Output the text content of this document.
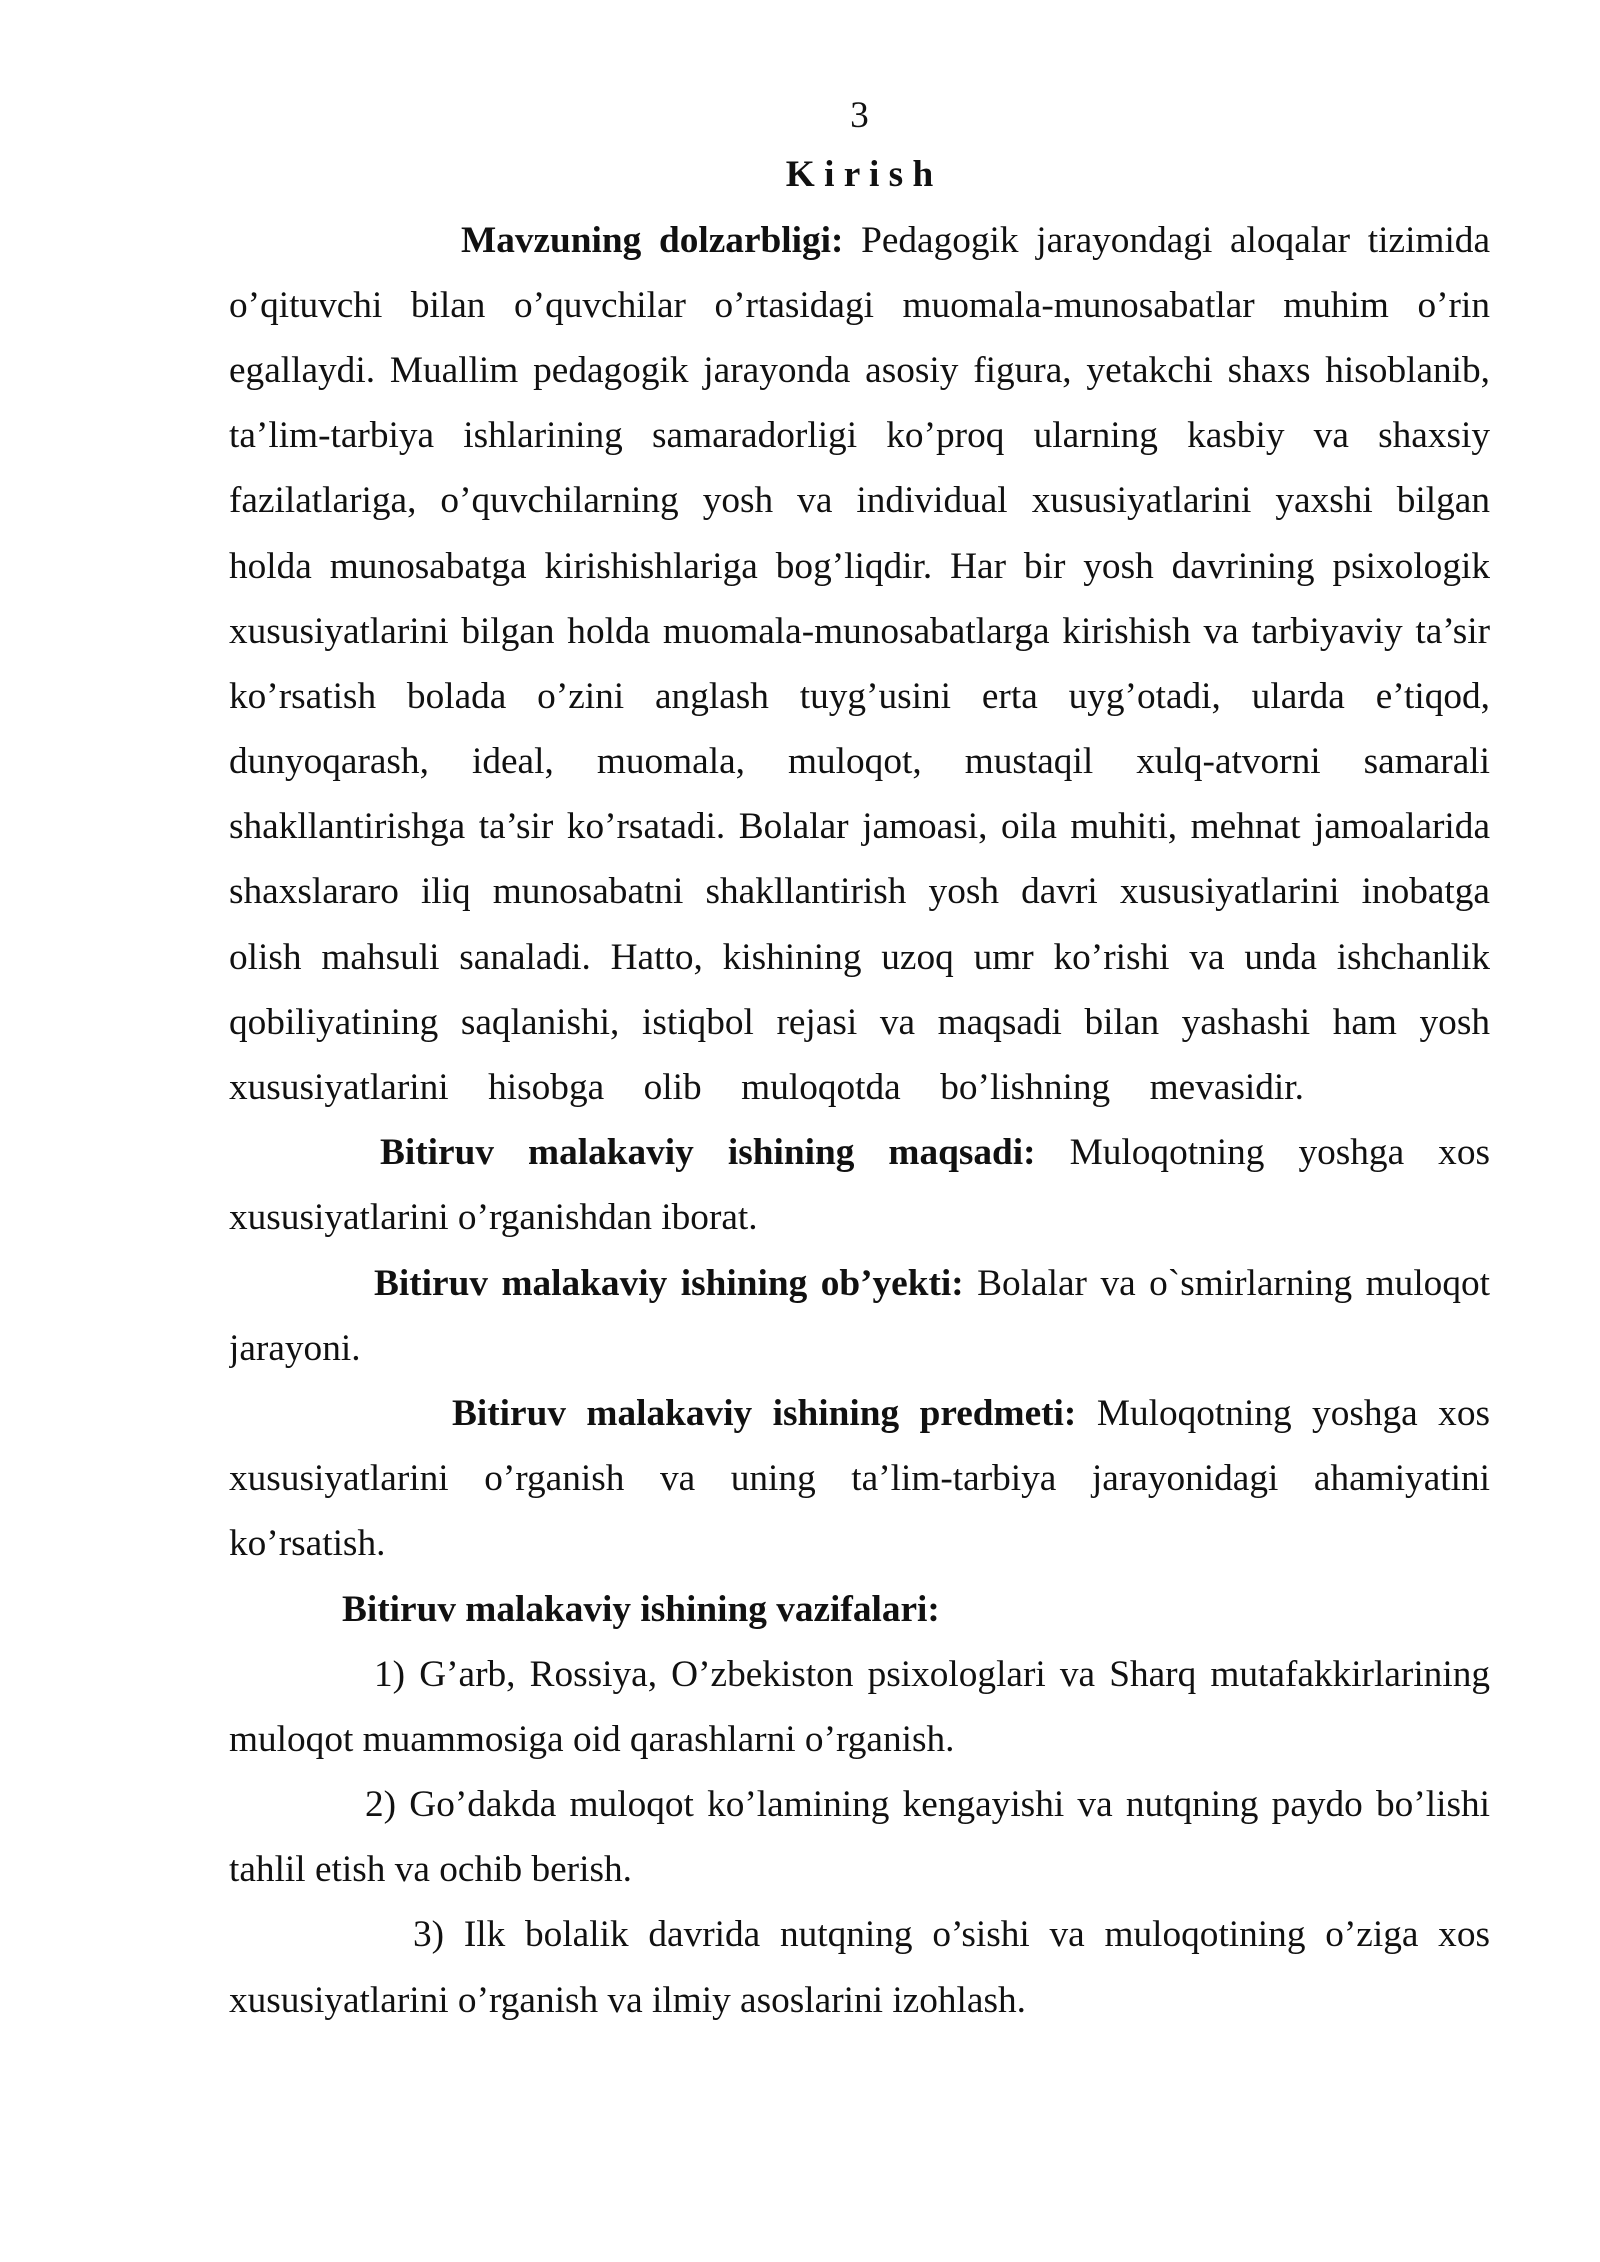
3
K i r i s h
Mavzuning dolzarbligi: Pedagogik jarayondagi aloqalar tizimida
o’qituvchi bilan o’quvchilar o’rtasidagi muomala-munosabatlar muhim o’rin
egallaydi. Muallim pedagogik jarayonda asosiy figura, yetakchi shaxs hisoblanib,
ta’lim-tarbiya ishlarining samaradorligi ko’proq ularning kasbiy va shaxsiy
fazilatlariga, o’quvchilarning yosh va individual xususiyatlarini yaxshi bilgan
holda munosabatga kirishishlariga bog’liqdir. Har bir yosh davrining psixologik
xususiyatlarini bilgan holda muomala-munosabatlarga kirishish va tarbiyaviy ta’sir
ko’rsatish bolada o’zini anglash tuyg’usini erta uyg’otadi, ularda e’tiqod,
dunyoqarash, ideal, muomala, muloqot, mustaqil xulq-atvorni samarali
shakllantirishga ta’sir ko’rsatadi. Bolalar jamoasi, oila muhiti, mehnat jamoalarida
shaxslararo iliq munosabatni shakllantirish yosh davri xususiyatlarini inobatga
olish mahsuli sanaladi. Hatto, kishining uzoq umr ko’rishi va unda ishchanlik
qobiliyatining saqlanishi, istiqbol rejasi va maqsadi bilan yashashi ham yosh
xususiyatlarini hisobga olib muloqotda bo’lishning mevasidir.
Bitiruv malakaviy ishining maqsadi: Muloqotning yoshga xos
xususiyatlarini o’rganishdan iborat.
Bitiruv malakaviy ishining ob’yekti: Bolalar va o`smirlarning muloqot
jarayoni.
Bitiruv malakaviy ishining predmeti: Muloqotning yoshga xos
xususiyatlarini o’rganish va uning ta’lim-tarbiya jarayonidagi ahamiyatini
ko’rsatish.
Bitiruv malakaviy ishining vazifalari:
1) G’arb, Rossiya, O’zbekiston psixologlari va Sharq mutafakkirlarining
muloqot muammosiga oid qarashlarni o’rganish.
2) Go’dakda muloqot ko’lamining kengayishi va nutqning paydo bo’lishi
tahlil etish va ochib berish.
3) Ilk bolalik davrida nutqning o’sishi va muloqotining o’ziga xos
xususiyatlarini o’rganish va ilmiy asoslarini izohlash.
